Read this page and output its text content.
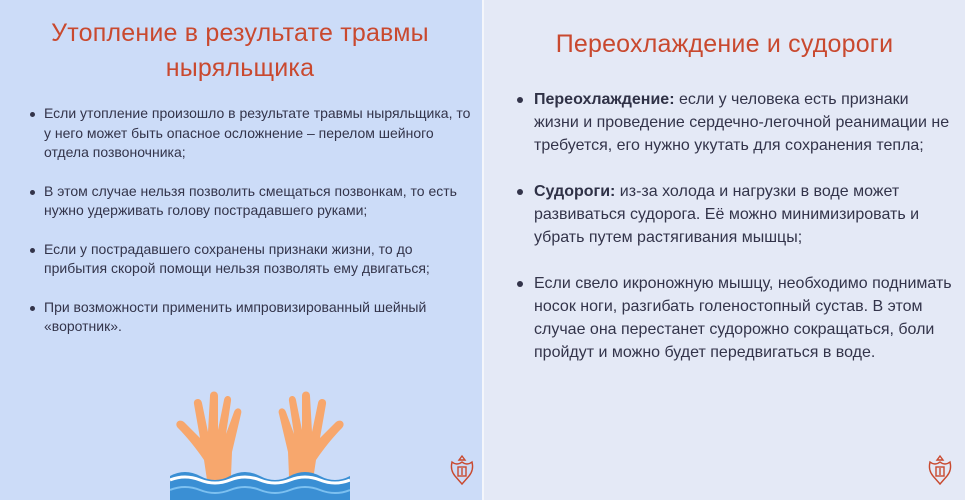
Утопление в результате травмы ныряльщика
Если утопление произошло в результате травмы ныряльщика, то у него может быть опасное осложнение – перелом шейного отдела позвоночника;
В этом случае нельзя позволить смещаться позвонкам, то есть нужно удерживать голову пострадавшего руками;
Если у пострадавшего сохранены признаки жизни, то до прибытия скорой помощи нельзя позволять ему двигаться;
При возможности применить импровизированный шейный «воротник».
Переохлаждение и судороги
Переохлаждение: если у человека есть признаки жизни и проведение сердечно-легочной реанимации не требуется, его нужно укутать для сохранения тепла;
Судороги: из-за холода и нагрузки в воде может развиваться судорога. Её можно минимизировать и убрать путем растягивания мышцы;
Если свело икроножную мышцу, необходимо поднимать носок ноги, разгибать голеностопный сустав. В этом случае она перестанет судорожно сокращаться, боли пройдут и можно будет передвигаться в воде.
